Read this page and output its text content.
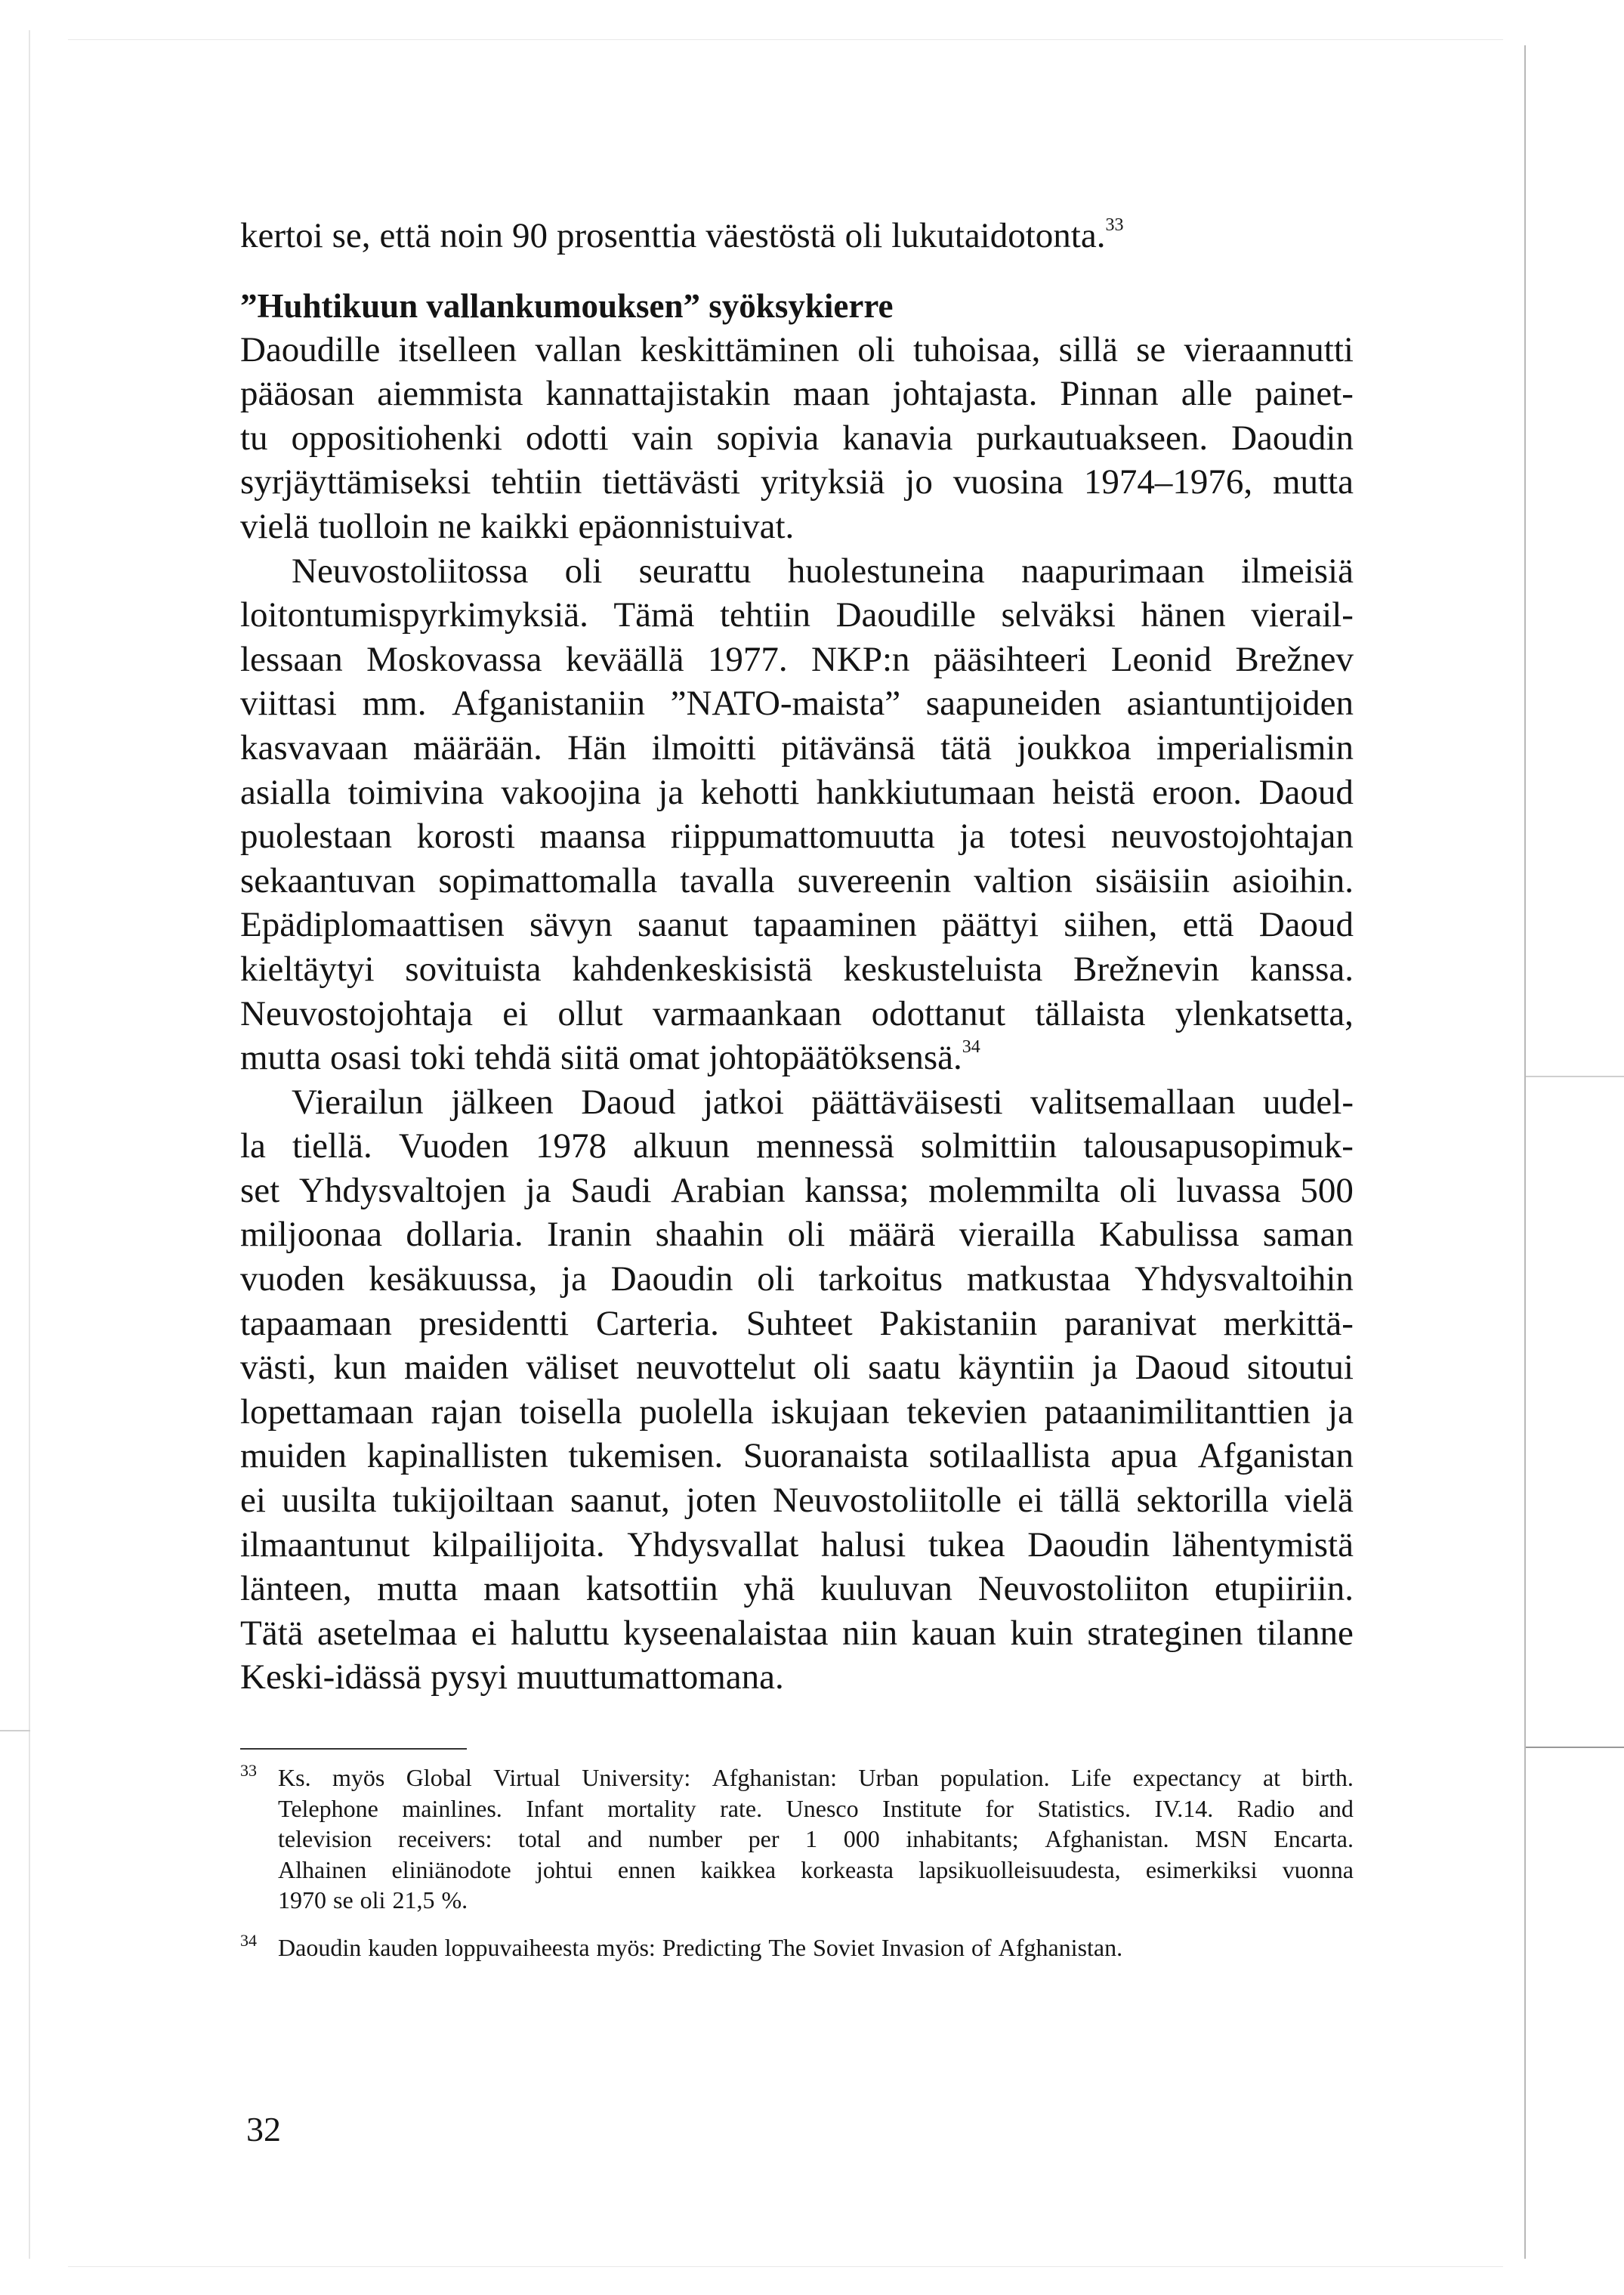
kertoi se, että noin 90 prosenttia väestöstä oli lukutaidotonta.$^{33}$
”Huhtikuun vallankumouksen” syöksykierre
Daoudille itselleen vallan keskittäminen oli tuhoisaa, sillä se vieraannutti
pääosan aiemmista kannattajistakin maan johtajasta. Pinnan alle painet-
tu oppositiohenki odotti vain sopivia kanavia purkautuakseen. Daoudin
syrjäyttämiseksi tehtiin tiettävästi yrityksiä jo vuosina 1974–1976, mutta
vielä tuolloin ne kaikki epäonnistuivat.
Neuvostoliitossa oli seurattu huolestuneina naapurimaan ilmeisiä
loitontumispyrkimyksiä. Tämä tehtiin Daoudille selväksi hänen vierail-
lessaan Moskovassa keväällä 1977. NKP:n pääsihteeri Leonid Brežnev
viittasi mm. Afganistaniin ”NATO-maista” saapuneiden asiantuntijoiden
kasvavaan määrään. Hän ilmoitti pitävänsä tätä joukkoa imperialismin
asialla toimivina vakoojina ja kehotti hankkiutumaan heistä eroon. Daoud
puolestaan korosti maansa riippumattomuutta ja totesi neuvostojohtajan
sekaantuvan sopimattomalla tavalla suvereenin valtion sisäisiin asioihin.
Epädiplomaattisen sävyn saanut tapaaminen päättyi siihen, että Daoud
kieltäytyi sovituista kahdenkeskisistä keskusteluista Brežnevin kanssa.
Neuvostojohtaja ei ollut varmaankaan odottanut tällaista ylenkatsetta,
mutta osasi toki tehdä siitä omat johtopäätöksensä.$^{34}$
Vierailun jälkeen Daoud jatkoi päättäväisesti valitsemallaan uudel-
la tiellä. Vuoden 1978 alkuun mennessä solmittiin talousapusopimuk-
set Yhdysvaltojen ja Saudi Arabian kanssa; molemmilta oli luvassa 500
miljoonaa dollaria. Iranin shaahin oli määrä vierailla Kabulissa saman
vuoden kesäkuussa, ja Daoudin oli tarkoitus matkustaa Yhdysvaltoihin
tapaamaan presidentti Carteria. Suhteet Pakistaniin paranivat merkittä-
västi, kun maiden väliset neuvottelut oli saatu käyntiin ja Daoud sitoutui
lopettamaan rajan toisella puolella iskujaan tekevien pataanimilitanttien ja
muiden kapinallisten tukemisen. Suoranaista sotilaallista apua Afganistan
ei uusilta tukijoiltaan saanut, joten Neuvostoliitolle ei tällä sektorilla vielä
ilmaantunut kilpailijoita. Yhdysvallat halusi tukea Daoudin lähentymistä
länteen, mutta maan katsottiin yhä kuuluvan Neuvostoliiton etupiiriin.
Tätä asetelmaa ei haluttu kyseenalaistaa niin kauan kuin strateginen tilanne
Keski-idässä pysyi muuttumattomana.
33 Ks. myös Global Virtual University: Afghanistan: Urban population. Life expectancy at birth.
Telephone mainlines. Infant mortality rate. Unesco Institute for Statistics. IV.14. Radio and
television receivers: total and number per 1 000 inhabitants; Afghanistan. MSN Encarta.
Alhainen eliniänodote johtui ennen kaikkea korkeasta lapsikuolleisuudesta, esimerkiksi vuonna
1970 se oli 21,5 %.
34 Daoudin kauden loppuvaiheesta myös: Predicting The Soviet Invasion of Afghanistan.
32
